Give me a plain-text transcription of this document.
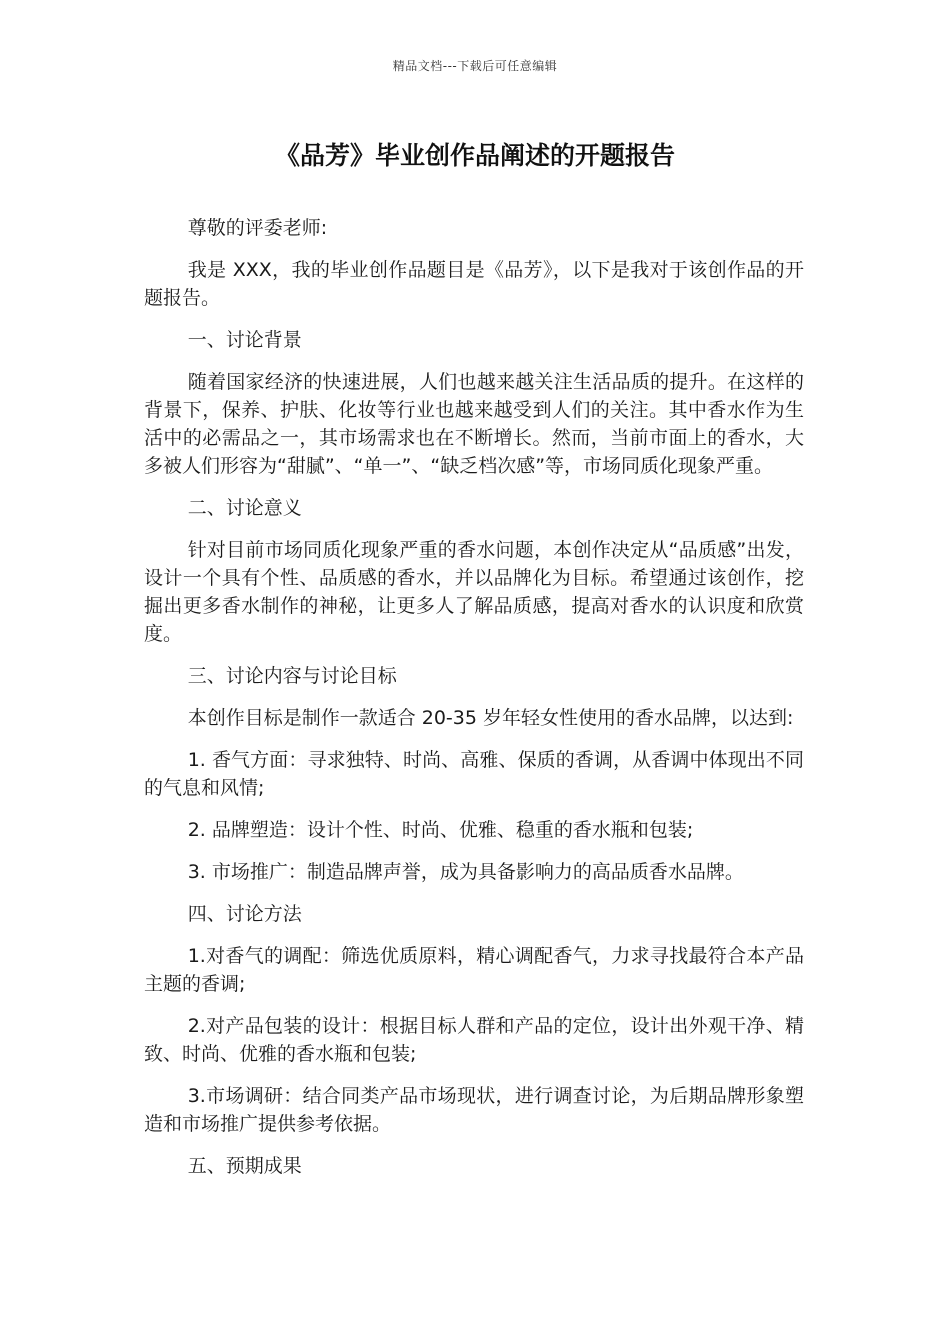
精品文档---下载后可任意编辑
《品芳》毕业创作品阐述的开题报告

尊敬的评委老师:

我是 XXX，我的毕业创作品题目是《品芳》，以下是我对于该创作品的开题报告。

一、讨论背景

随着国家经济的快速进展，人们也越来越关注生活品质的提升。在这样的背景下，保养、护肤、化妆等行业也越来越受到人们的关注。其中香水作为生活中的必需品之一，其市场需求也在不断增长。然而，当前市面上的香水，大多被人们形容为“甜腻”、“单一”、“缺乏档次感”等，市场同质化现象严重。

二、讨论意义

针对目前市场同质化现象严重的香水问题，本创作决定从“品质感”出发，设计一个具有个性、品质感的香水，并以品牌化为目标。希望通过该创作，挖掘出更多香水制作的神秘，让更多人了解品质感，提高对香水的认识度和欣赏度。

三、讨论内容与讨论目标

本创作目标是制作一款适合 20-35 岁年轻女性使用的香水品牌，以达到:

1. 香气方面：寻求独特、时尚、高雅、保质的香调，从香调中体现出不同的气息和风情;

2. 品牌塑造：设计个性、时尚、优雅、稳重的香水瓶和包装;

3. 市场推广：制造品牌声誉，成为具备影响力的高品质香水品牌。

四、讨论方法

1.对香气的调配：筛选优质原料，精心调配香气，力求寻找最符合本产品主题的香调;

2.对产品包装的设计：根据目标人群和产品的定位，设计出外观干净、精致、时尚、优雅的香水瓶和包装;

3.市场调研：结合同类产品市场现状，进行调查讨论，为后期品牌形象塑造和市场推广提供参考依据。

五、预期成果
